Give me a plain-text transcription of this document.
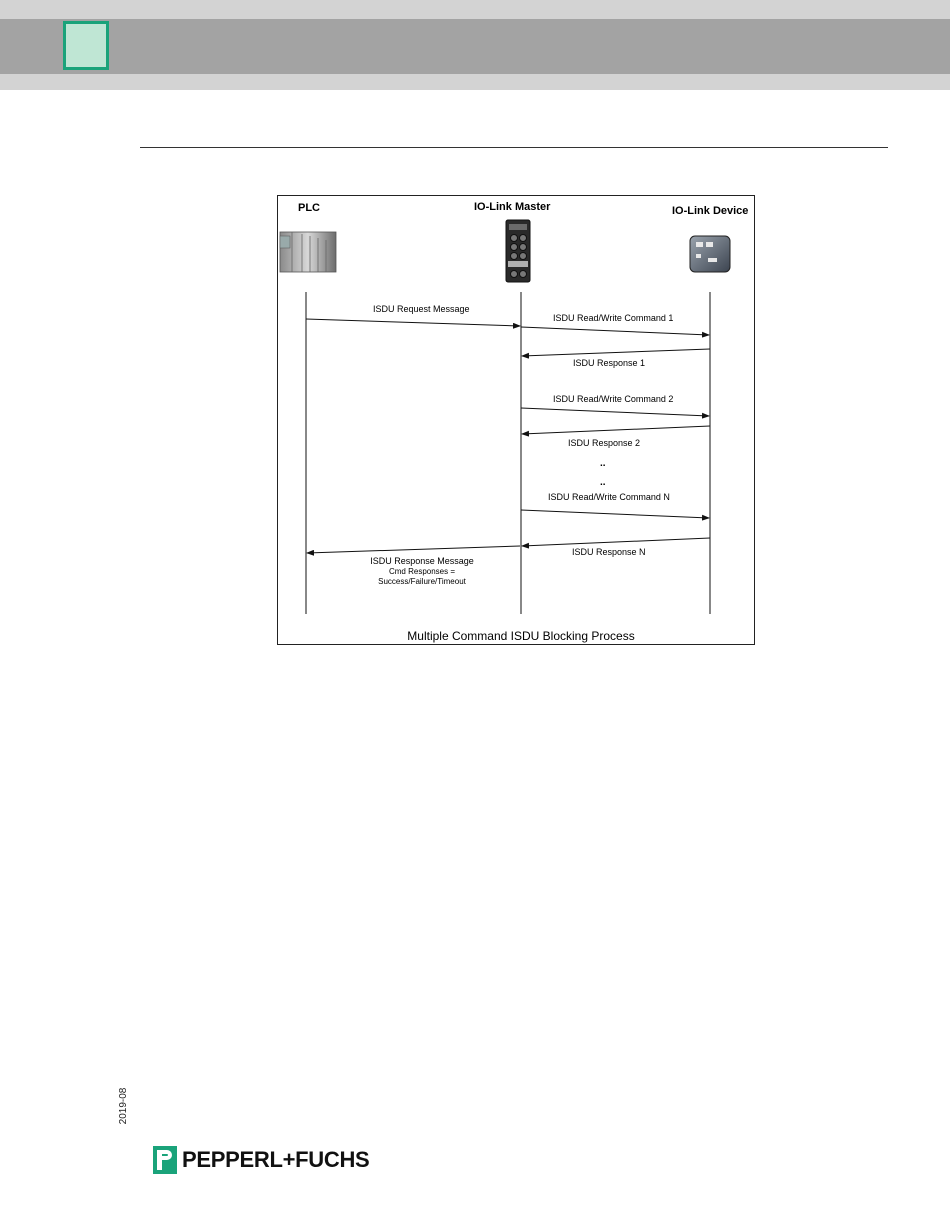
PLC	IO-Link Master	IO-Link Device
ISDU Request Message
ISDU Read/Write Command 1
ISDU Response 1
ISDU Read/Write Command 2
ISDU Response 2
..
..
ISDU Read/Write Command N
ISDU Response N
ISDU Response Message
Cmd Responses =
Success/Failure/Timeout
Multiple Command ISDU Blocking Process
2019-08
PEPPERL+FUCHS
